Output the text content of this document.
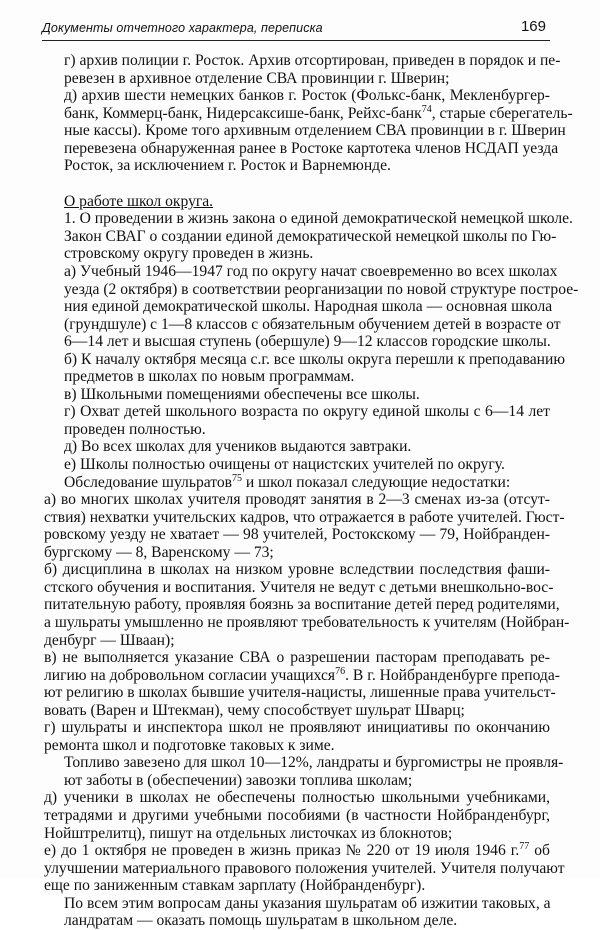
Документы отчетного характера, переписка	169

г) архив полиции г. Росток. Архив отсортирован, приведен в порядок и пе-
ревезен в архивное отделение СВА провинции г. Шверин;

д) архив шести немецких банков г. Росток (Фолькс-банк, Мекленбургер-
банк, Коммерц-банк, Нидерсаксише-банк, Рейхс-банк$^{74}$, старые сберегатель-
ные кассы). Кроме того архивным отделением СВА провинции в г. Шверин
перевезена обнаруженная ранее в Ростоке картотека членов НСДАП уезда
Росток, за исключением г. Росток и Варнемюнде.

О работе школ округа.

1. О проведении в жизнь закона о единой демократической немецкой школе.
Закон СВАГ о создании единой демократической немецкой школы по Гю-
стровскому округу проведен в жизнь.

а) Учебный 1946—1947 год по округу начат своевременно во всех школах
уезда (2 октября) в соответствии реорганизации по новой структуре построе-
ния единой демократической школы. Народная школа — основная школа
(грундшуле) с 1—8 классов с обязательным обучением детей в возрасте от
6—14 лет и высшая ступень (обершуле) 9—12 классов городские школы.

б) К началу октября месяца с.г. все школы округа перешли к преподаванию
предметов в школах по новым программам.

в) Школьными помещениями обеспечены все школы.

г) Охват детей школьного возраста по округу единой школы с 6—14 лет
проведен полностью.

д) Во всех школах для учеников выдаются завтраки.

е) Школы полностью очищены от нацистских учителей по округу.

Обследование шульратов$^{75}$ и школ показал следующие недостатки:

а) во многих школах учителя проводят занятия в 2—3 сменах из-за (отсут-
ствия) нехватки учительских кадров, что отражается в работе учителей. Гюст-
ровскому уезду не хватает — 98 учителей, Ростокскому — 79, Нойбранден-
бургскому — 8, Варенскому — 73;

б) дисциплина в школах на низком уровне вследствии последствия фаши-
стского обучения и воспитания. Учителя не ведут с детьми внешкольно-вос-
питательную работу, проявляя боязнь за воспитание детей перед родителями,
а шульраты умышленно не проявляют требовательность к учителям (Нойбран-
денбург — Шваан);

в) не выполняется указание СВА о разрешении пасторам преподавать ре-
лигию на добровольном согласии учащихся$^{76}$. В г. Нойбранденбурге препода-
ют религию в школах бывшие учителя-нацисты, лишенные права учительст-
вовать (Варен и Штекман), чему способствует шульрат Шварц;

г) шульраты и инспектора школ не проявляют инициативы по окончанию
ремонта школ и подготовке таковых к зиме.

Топливо завезено для школ 10—12%, ландраты и бургомистры не проявля-
ют заботы в (обеспечении) завозки топлива школам;

д) ученики в школах не обеспечены полностью школьными учебниками,
тетрадями и другими учебными пособиями (в частности Нойбранденбург,
Нойштрелитц), пишут на отдельных листочках из блокнотов;

е) до 1 октября не проведен в жизнь приказ № 220 от 19 июля 1946 г.$^{77}$ об
улучшении материального правового положения учителей. Учителя получают
еще по заниженным ставкам зарплату (Нойбранденбург).

По всем этим вопросам даны указания шульратам об изжитии таковых, а
ландратам — оказать помощь шульратам в школьном деле.
